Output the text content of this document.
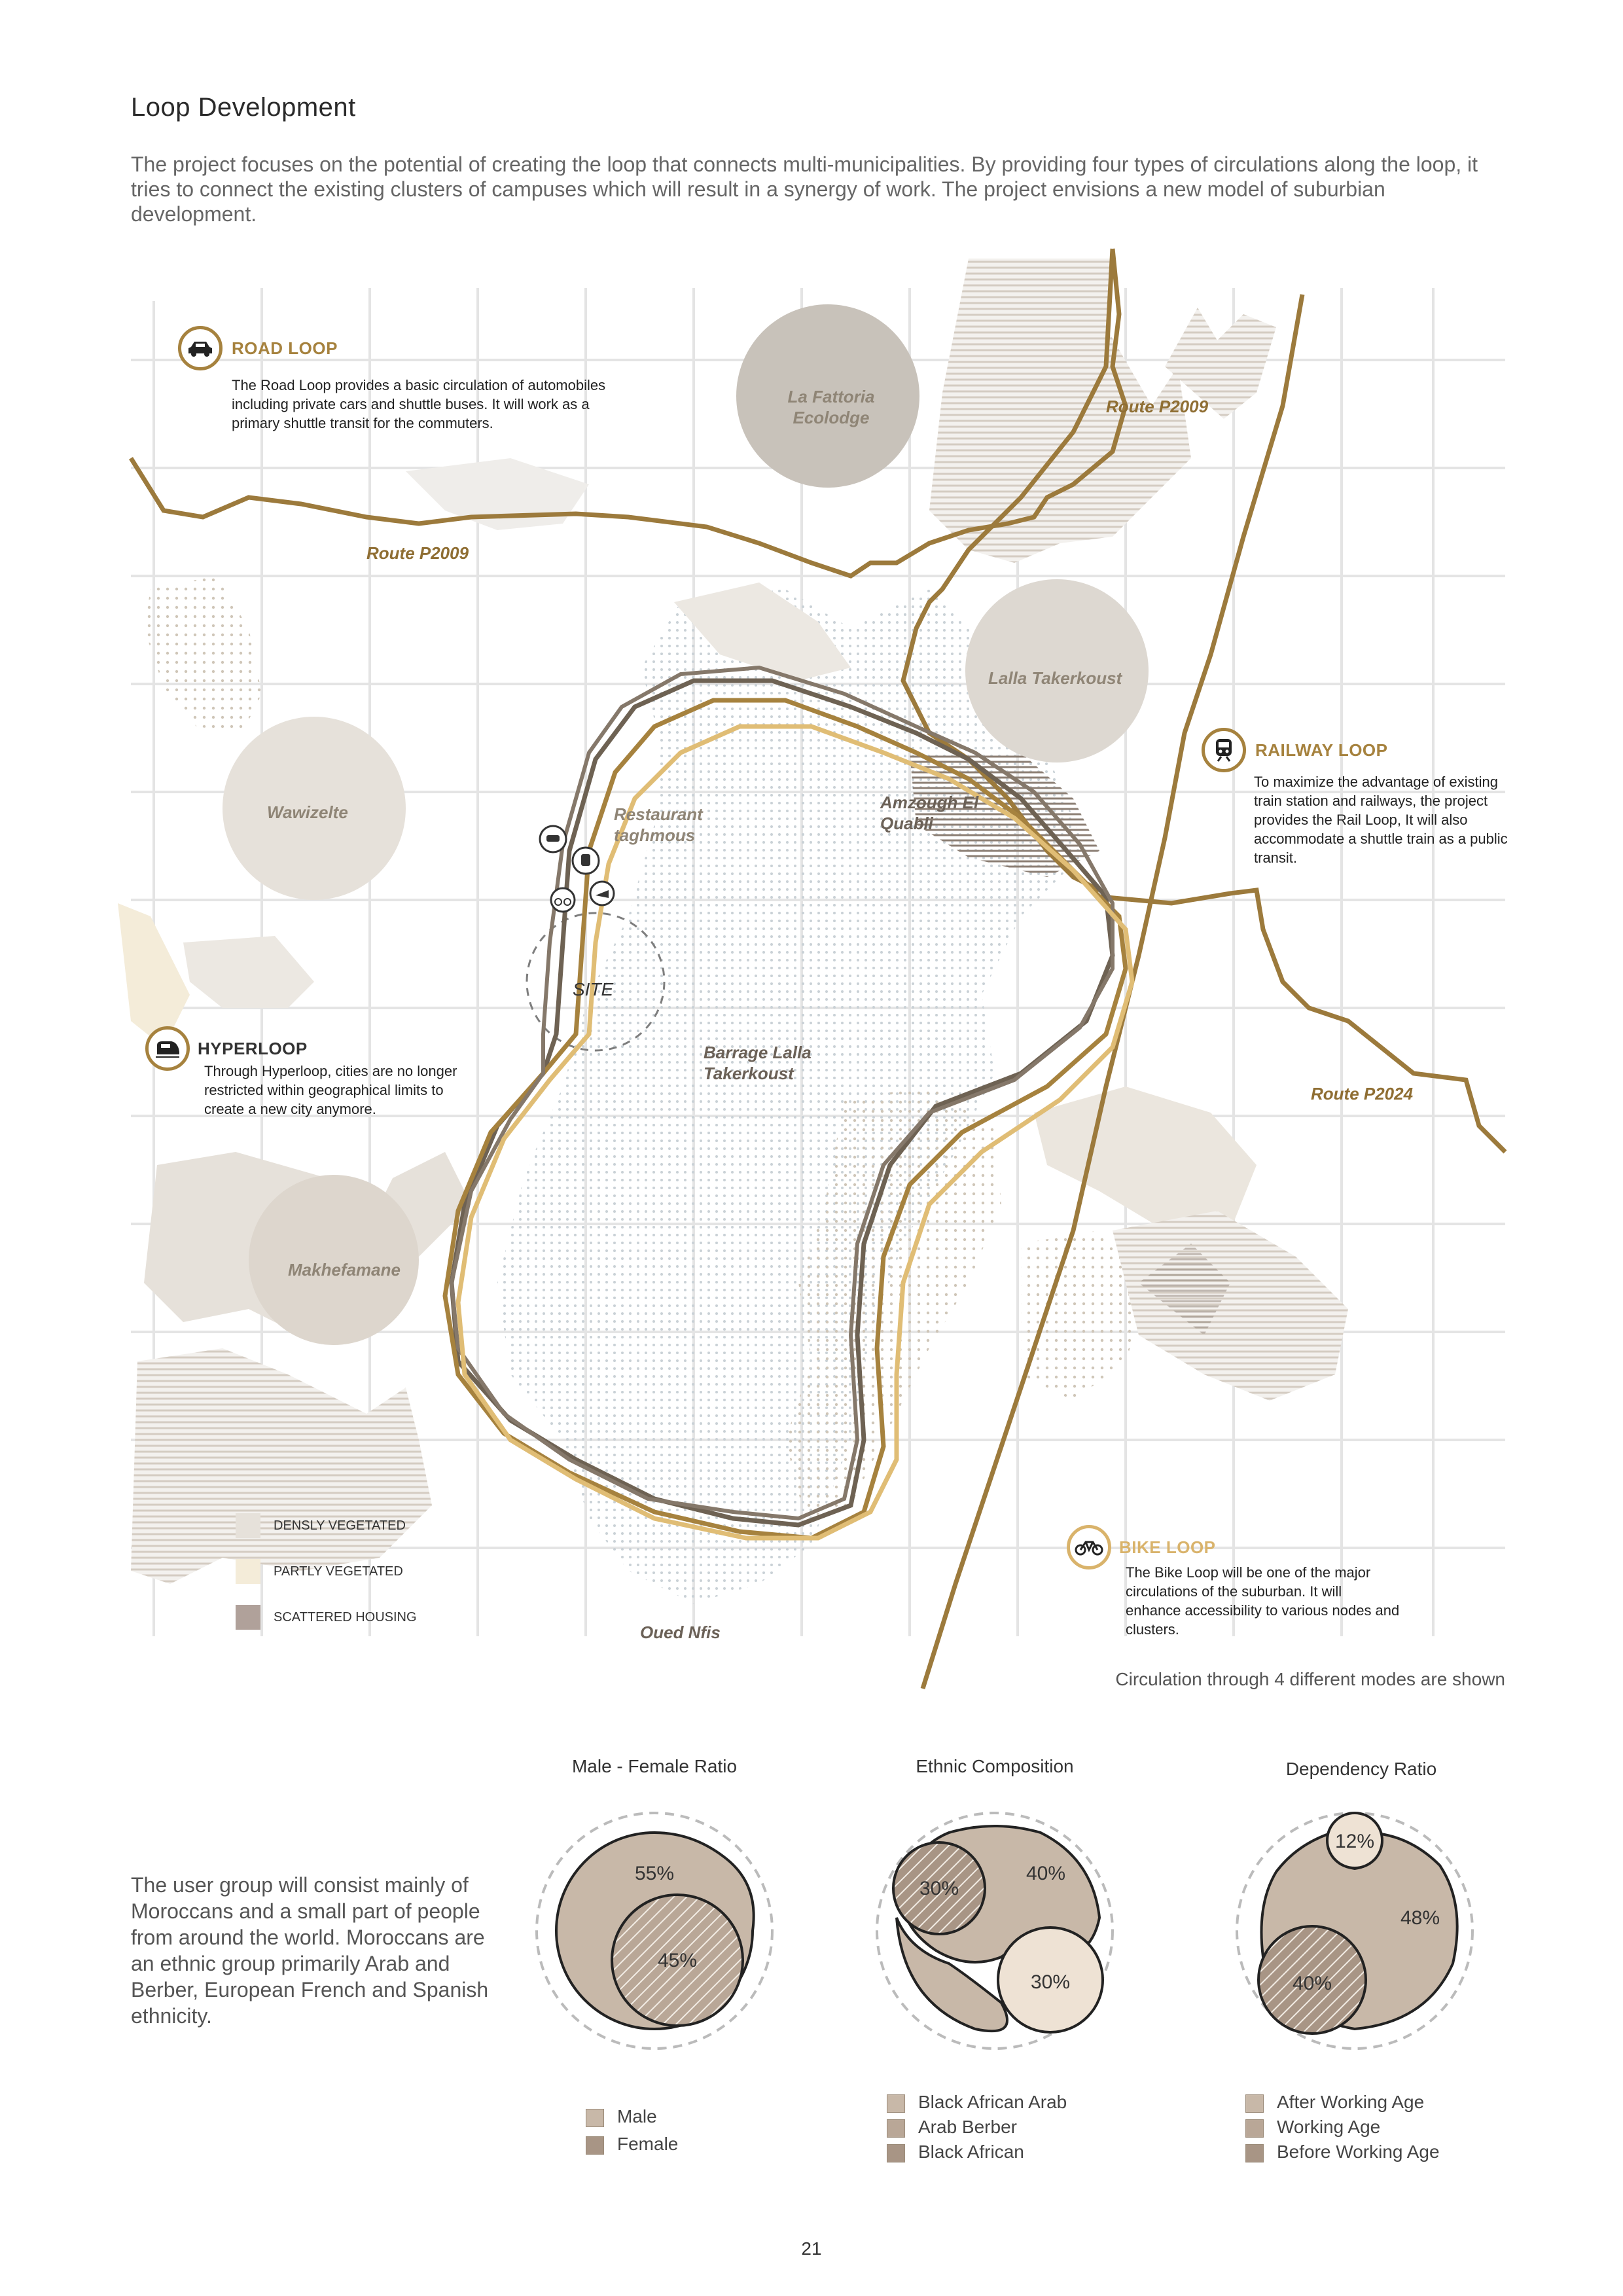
Loop Development
The project focuses on the potential of creating the loop that connects multi-municipalities. By providing four types of circulations along the loop, it tries to connect the existing clusters of campuses which will result in a synergy of work. The project envisions a new model of suburbian development.
ROAD LOOP
The Road Loop provides a basic circulation of automobiles including private cars and shuttle buses. It will work as a primary shuttle transit for the commuters.
RAILWAY LOOP
To maximize the advantage of existing train station and railways, the project provides the Rail Loop, It will also accommodate a shuttle train as a public transit.
HYPERLOOP
Through Hyperloop, cities are no longer restricted within geographical limits to create a new city anymore.
BIKE LOOP
The Bike Loop will be one of the major circulations of the suburban. It will enhance accessibility to various nodes and clusters.
La Fattoria Ecolodge
Lalla Takerkoust
Wawizelte	Restaurant taghmous
Amzough El Quabli
SITE
Barrage Lalla Takerkoust
Makhefamane
Oued Nfis
Route P2009
Route P2009
Route P2024
DENSLY VEGETATED
PARTLY VEGETATED
SCATTERED HOUSING
Circulation through 4 different modes are shown
The user group will consist mainly of Moroccans and a small part of people from around the world. Moroccans are an ethnic group primarily Arab and Berber, European French and Spanish ethnicity.
Male - Female Ratio	Ethnic Composition	Dependency Ratio
55%
45%
30%
40%
30%
12%
48%
40%
Male
Female
Black African Arab
Arab Berber
Black African
After Working Age
Working Age
Before Working Age
21
